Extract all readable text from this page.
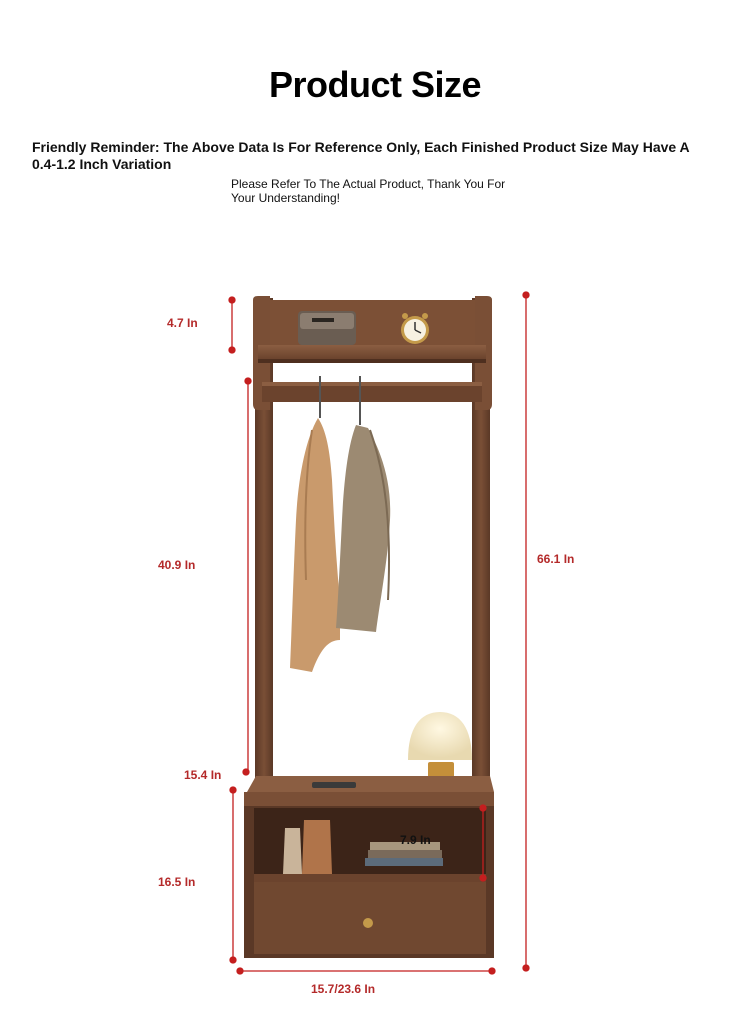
Product Size
Friendly Reminder: The Above Data Is For Reference Only, Each Finished Product Size May Have A 0.4-1.2 Inch Variation
Please Refer To The Actual Product, Thank You For Your Understanding!
4.7 In
40.9 In
15.4 In
16.5 In
66.1 In
7.9 In
15.7/23.6 In
